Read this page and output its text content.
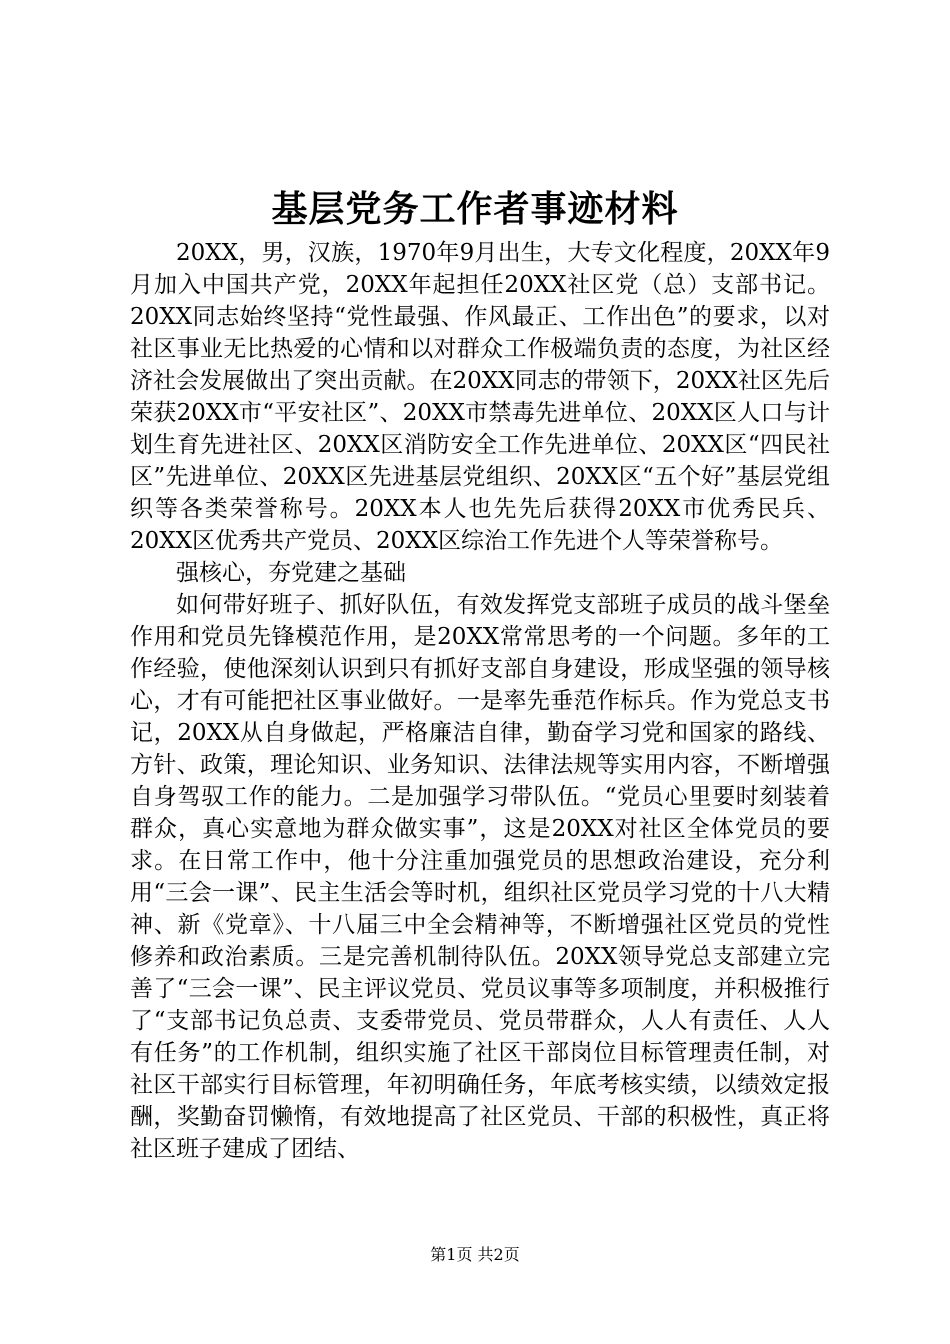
基层党务工作者事迹材料

20XX，男，汉族，1970年9月出生，大专文化程度，20XX年9月加入中国共产党，20XX年起担任20XX社区党（总）支部书记。20XX同志始终坚持“党性最强、作风最正、工作出色”的要求，以对社区事业无比热爱的心情和以对群众工作极端负责的态度，为社区经济社会发展做出了突出贡献。在20XX同志的带领下，20XX社区先后荣获20XX市“平安社区”、20XX市禁毒先进单位、20XX区人口与计划生育先进社区、20XX区消防安全工作先进单位、20XX区“四民社区”先进单位、20XX区先进基层党组织、20XX区“五个好”基层党组织等各类荣誉称号。20XX本人也先先后获得20XX市优秀民兵、20XX区优秀共产党员、20XX区综治工作先进个人等荣誉称号。

强核心，夯党建之基础

如何带好班子、抓好队伍，有效发挥党支部班子成员的战斗堡垒作用和党员先锋模范作用，是20XX常常思考的一个问题。多年的工作经验，使他深刻认识到只有抓好支部自身建设，形成坚强的领导核心，才有可能把社区事业做好。一是率先垂范作标兵。作为党总支书记，20XX从自身做起，严格廉洁自律，勤奋学习党和国家的路线、方针、政策，理论知识、业务知识、法律法规等实用内容，不断增强自身驾驭工作的能力。二是加强学习带队伍。“党员心里要时刻装着群众，真心实意地为群众做实事”，这是20XX对社区全体党员的要求。在日常工作中，他十分注重加强党员的思想政治建设，充分利用“三会一课”、民主生活会等时机，组织社区党员学习党的十八大精神、新《党章》、十八届三中全会精神等，不断增强社区党员的党性修养和政治素质。三是完善机制待队伍。20XX领导党总支部建立完善了“三会一课”、民主评议党员、党员议事等多项制度，并积极推行了“支部书记负总责、支委带党员、党员带群众，人人有责任、人人有任务”的工作机制，组织实施了社区干部岗位目标管理责任制，对社区干部实行目标管理，年初明确任务，年底考核实绩，以绩效定报酬，奖勤奋罚懒惰，有效地提高了社区党员、干部的积极性，真正将社区班子建成了团结、

第1页 共2页
